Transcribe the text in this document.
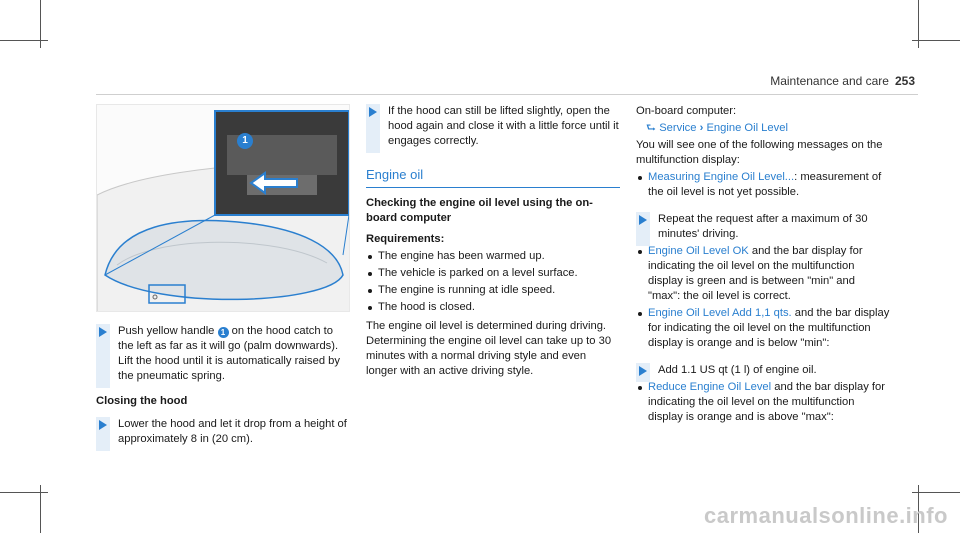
Maintenance and care 253
1
Push yellow handle 1 on the hood catch to the left as far as it will go (palm downwards). Lift the hood until it is automatically raised by the pneumatic spring.
Closing the hood
Lower the hood and let it drop from a height of approximately 8 in (20 cm).
If the hood can still be lifted slightly, open the hood again and close it with a little force until it engages correctly.
Engine oil
Checking the engine oil level using the on-board computer
Requirements:
The engine has been warmed up.
The vehicle is parked on a level surface.
The engine is running at idle speed.
The hood is closed.
The engine oil level is determined during driving. Determining the engine oil level can take up to 30 minutes with a normal driving style and even longer with an active driving style.
On-board computer:
⮑ Service › Engine Oil Level
You will see one of the following messages on the multifunction display:
Measuring Engine Oil Level...: measurement of the oil level is not yet possible.
Repeat the request after a maximum of 30 minutes' driving.
Engine Oil Level OK and the bar display for indicating the oil level on the multifunction display is green and is between "min" and "max": the oil level is correct.
Engine Oil Level Add 1,1 qts. and the bar display for indicating the oil level on the multifunction display is orange and is below "min":
Add 1.1 US qt (1 l) of engine oil.
Reduce Engine Oil Level and the bar display for indicating the oil level on the multifunction display is orange and is above "max":
carmanualsonline.info
